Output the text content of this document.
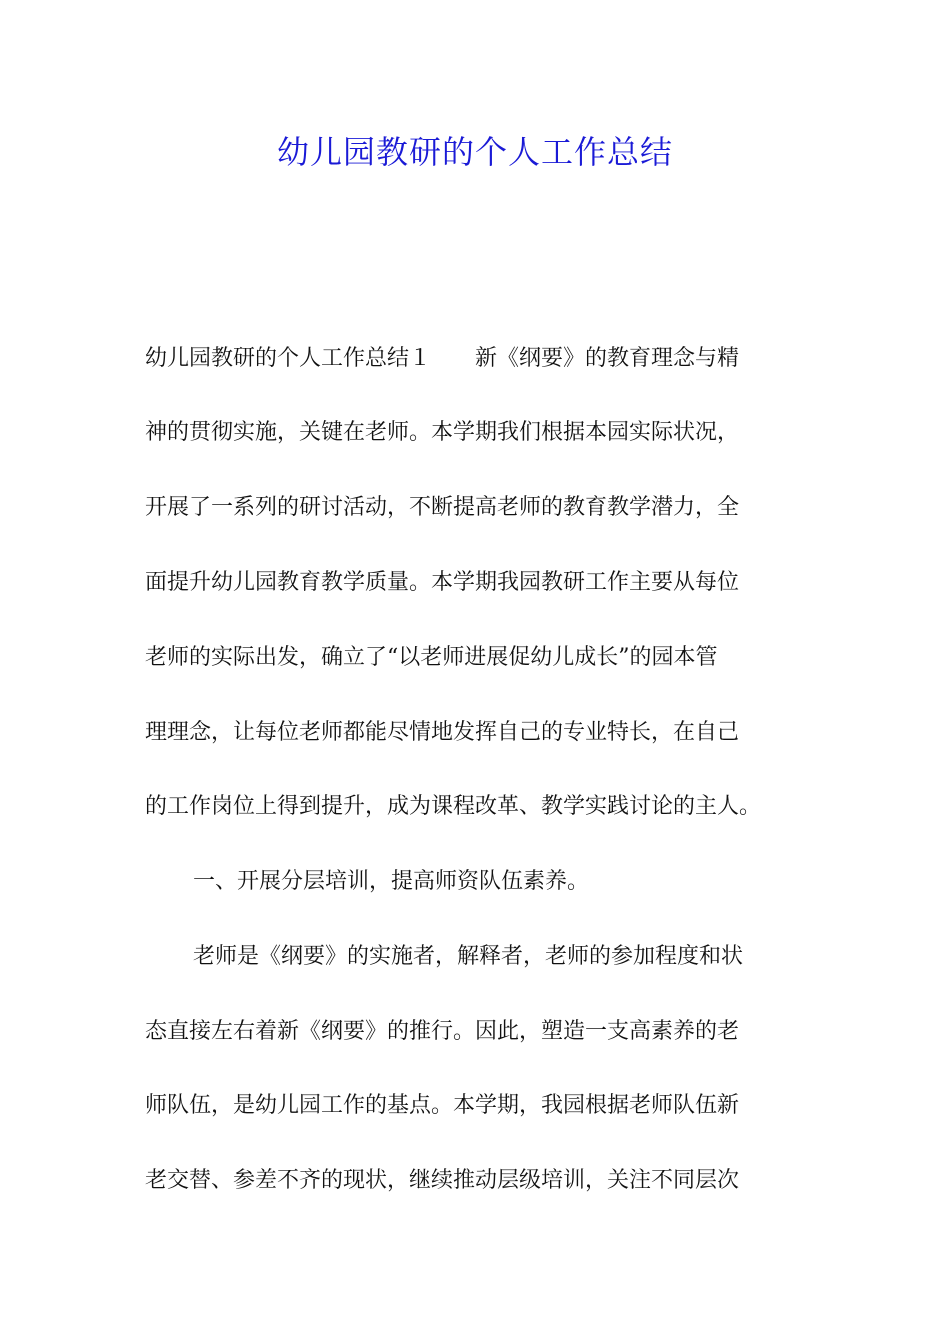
幼儿园教研的个人工作总结
幼儿园教研的个人工作总结１　　新《纲要》的教育理念与精
神的贯彻实施，关键在老师。本学期我们根据本园实际状况，
开展了一系列的研讨活动，不断提高老师的教育教学潜力，全
面提升幼儿园教育教学质量。本学期我园教研工作主要从每位
老师的实际出发，确立了“以老师进展促幼儿成长”的园本管
理理念，让每位老师都能尽情地发挥自己的专业特长，在自己
的工作岗位上得到提升，成为课程改革、教学实践讨论的主人。
一、开展分层培训，提高师资队伍素养。
老师是《纲要》的实施者，解释者，老师的参加程度和状
态直接左右着新《纲要》的推行。因此，塑造一支高素养的老
师队伍，是幼儿园工作的基点。本学期，我园根据老师队伍新
老交替、参差不齐的现状，继续推动层级培训，关注不同层次
